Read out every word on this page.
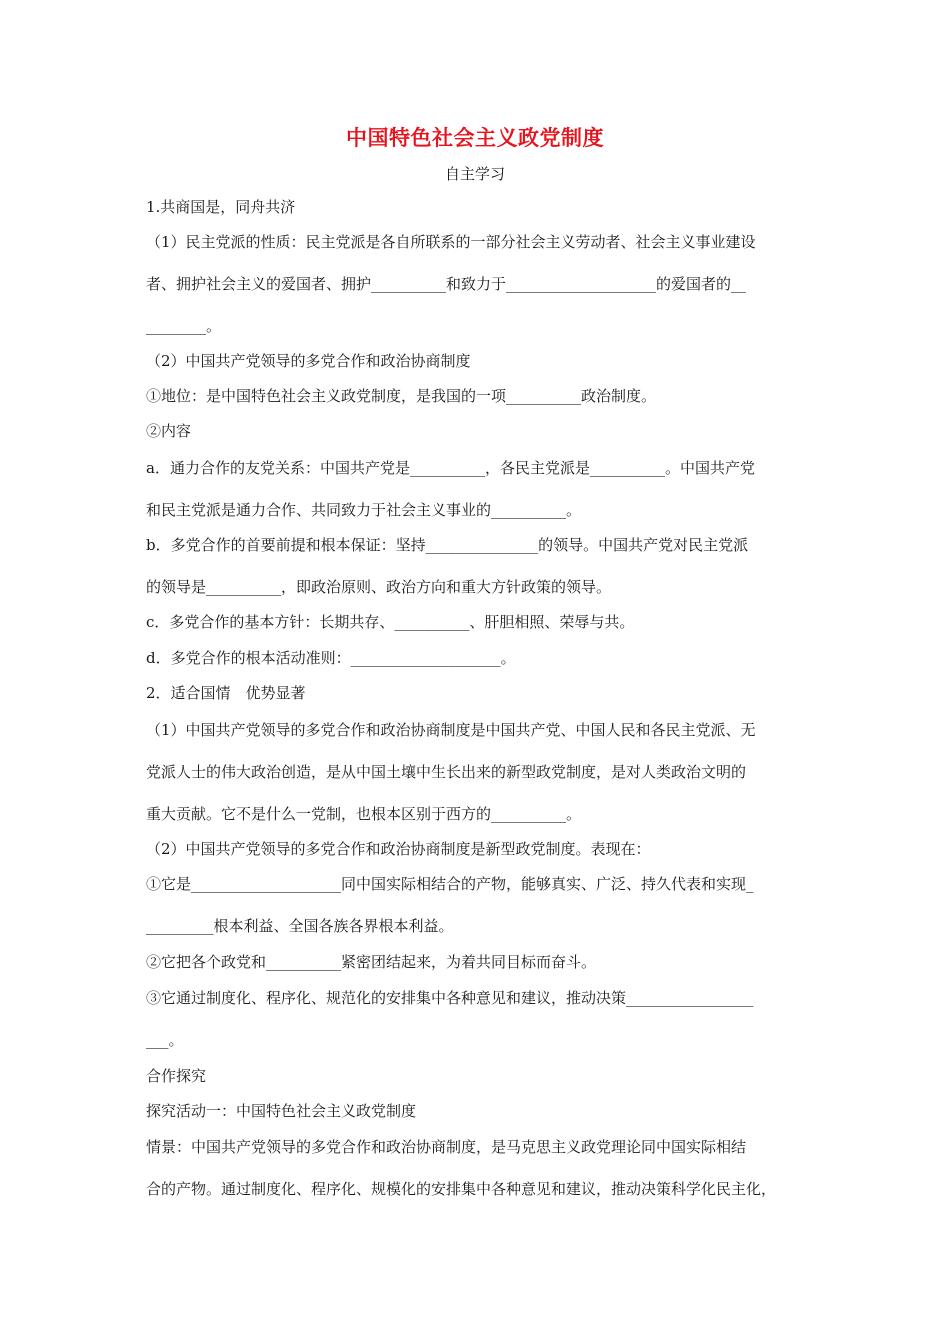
中国特色社会主义政党制度
自主学习
1.共商国是，同舟共济
（1）民主党派的性质：民主党派是各自所联系的一部分社会主义劳动者、社会主义事业建设
者、拥护社会主义的爱国者、拥护__________和致力于____________________的爱国者的__
________。
（2）中国共产党领导的多党合作和政治协商制度
①地位：是中国特色社会主义政党制度，是我国的一项__________政治制度。
②内容
a．通力合作的友党关系：中国共产党是__________，各民主党派是__________。中国共产党
和民主党派是通力合作、共同致力于社会主义事业的__________。
b．多党合作的首要前提和根本保证：坚持_______________的领导。中国共产党对民主党派
的领导是__________，即政治原则、政治方向和重大方针政策的领导。
c．多党合作的基本方针：长期共存、__________、肝胆相照、荣辱与共。
d．多党合作的根本活动准则：____________________。
2．适合国情　优势显著
（1）中国共产党领导的多党合作和政治协商制度是中国共产党、中国人民和各民主党派、无
党派人士的伟大政治创造，是从中国土壤中生长出来的新型政党制度，是对人类政治文明的
重大贡献。它不是什么一党制，也根本区别于西方的__________。
（2）中国共产党领导的多党合作和政治协商制度是新型政党制度。表现在：
①它是____________________同中国实际相结合的产物，能够真实、广泛、持久代表和实现_
_________根本利益、全国各族各界根本利益。
②它把各个政党和__________紧密团结起来，为着共同目标而奋斗。
③它通过制度化、程序化、规范化的安排集中各种意见和建议，推动决策_________________
___。
合作探究
探究活动一：中国特色社会主义政党制度
情景：中国共产党领导的多党合作和政治协商制度，是马克思主义政党理论同中国实际相结
合的产物。通过制度化、程序化、规模化的安排集中各种意见和建议，推动决策科学化民主化，
